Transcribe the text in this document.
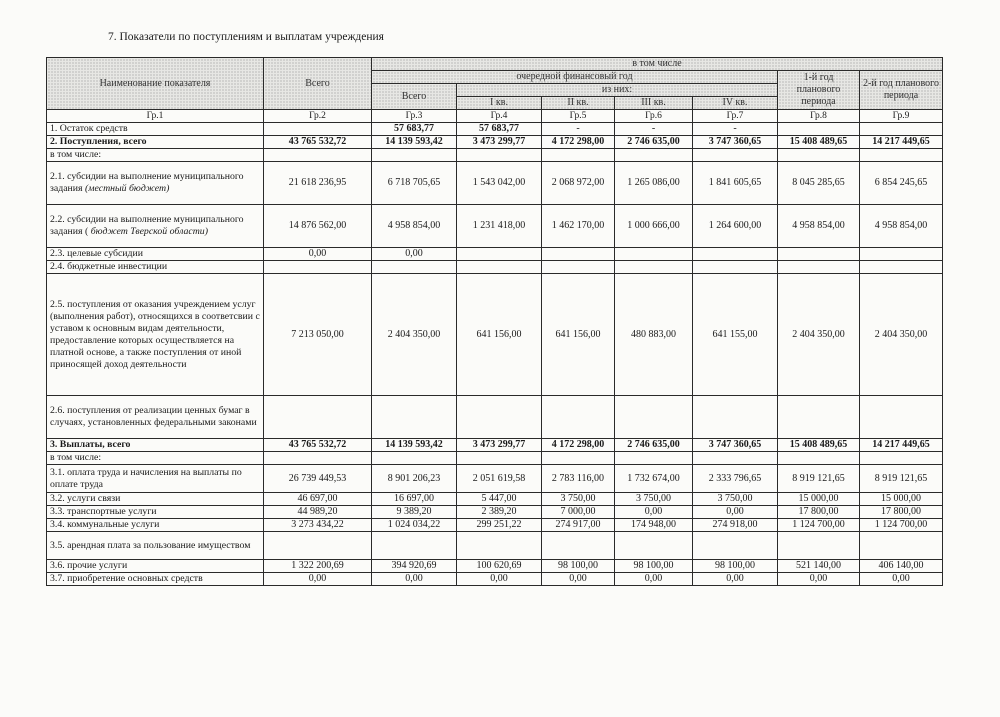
7. Показатели по поступлениям и выплатам учреждения
Наименование показателя	Всего	в том числе						
		очередной финансовый год					1-й год планового периода	2-й год планового периода
		Всего	из них:					
			I кв.	II кв.	III кв.	IV кв.		
Гр.1	Гр.2	Гр.3	Гр.4	Гр.5	Гр.6	Гр.7	Гр.8	Гр.9
1. Остаток средств		57 683,77	57 683,77	-	-	-		
2. Поступления, всего	43 765 532,72	14 139 593,42	3 473 299,77	4 172 298,00	2 746 635,00	3 747 360,65	15 408 489,65	14 217 449,65
в том числе:								
2.1. субсидии на выполнение муниципального задания (местный бюджет)	21 618 236,95	6 718 705,65	1 543 042,00	2 068 972,00	1 265 086,00	1 841 605,65	8 045 285,65	6 854 245,65
2.2. субсидии на выполнение муниципального задания ( бюджет Тверской области)	14 876 562,00	4 958 854,00	1 231 418,00	1 462 170,00	1 000 666,00	1 264 600,00	4 958 854,00	4 958 854,00
2.3. целевые субсидии	0,00	0,00						
2.4. бюджетные инвестиции								
2.5. поступления от оказания учреждением услуг (выполнения работ), относящихся в соответсвии с уставом к основным видам деятельности, предоставление которых осуществляется на платной основе, а также поступления от иной приносящей доход деятельности	7 213 050,00	2 404 350,00	641 156,00	641 156,00	480 883,00	641 155,00	2 404 350,00	2 404 350,00
2.6. поступления от реализации ценных бумаг в случаях, установленных федеральными законами								
3. Выплаты, всего	43 765 532,72	14 139 593,42	3 473 299,77	4 172 298,00	2 746 635,00	3 747 360,65	15 408 489,65	14 217 449,65
в том числе:								
3.1. оплата труда и начисления на выплаты по оплате труда	26 739 449,53	8 901 206,23	2 051 619,58	2 783 116,00	1 732 674,00	2 333 796,65	8 919 121,65	8 919 121,65
3.2. услуги связи	46 697,00	16 697,00	5 447,00	3 750,00	3 750,00	3 750,00	15 000,00	15 000,00
3.3. транспортные услуги	44 989,20	9 389,20	2 389,20	7 000,00	0,00	0,00	17 800,00	17 800,00
3.4. коммунальные услуги	3 273 434,22	1 024 034,22	299 251,22	274 917,00	174 948,00	274 918,00	1 124 700,00	1 124 700,00
3.5. арендная плата за пользование имуществом								
3.6. прочие услуги	1 322 200,69	394 920,69	100 620,69	98 100,00	98 100,00	98 100,00	521 140,00	406 140,00
3.7. приобретение основных средств	0,00	0,00	0,00	0,00	0,00	0,00	0,00	0,00
